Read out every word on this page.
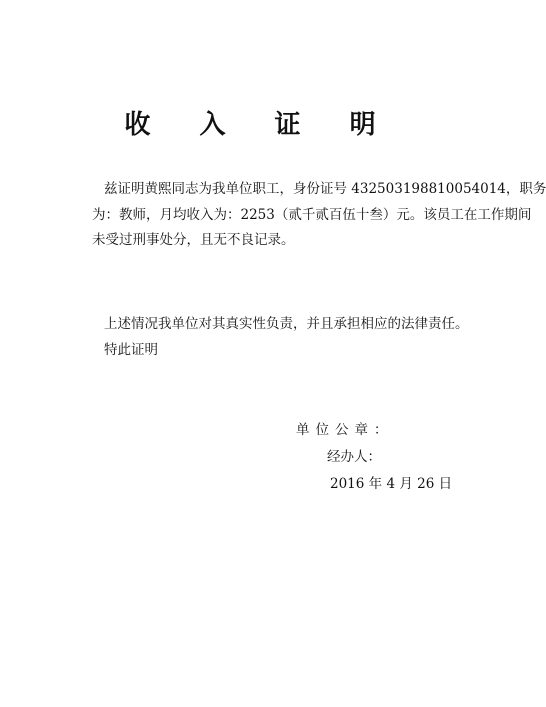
收 入 证 明
兹证明黄熙同志为我单位职工，身份证号 432503198810054014，职务
为：教师，月均收入为：2253（贰千贰百伍十叁）元。该员工在工作期间
未受过刑事处分，且无不良记录。
上述情况我单位对其真实性负责，并且承担相应的法律责任。
特此证明
单位公章：
经办人：
2016 年 4 月 26 日
